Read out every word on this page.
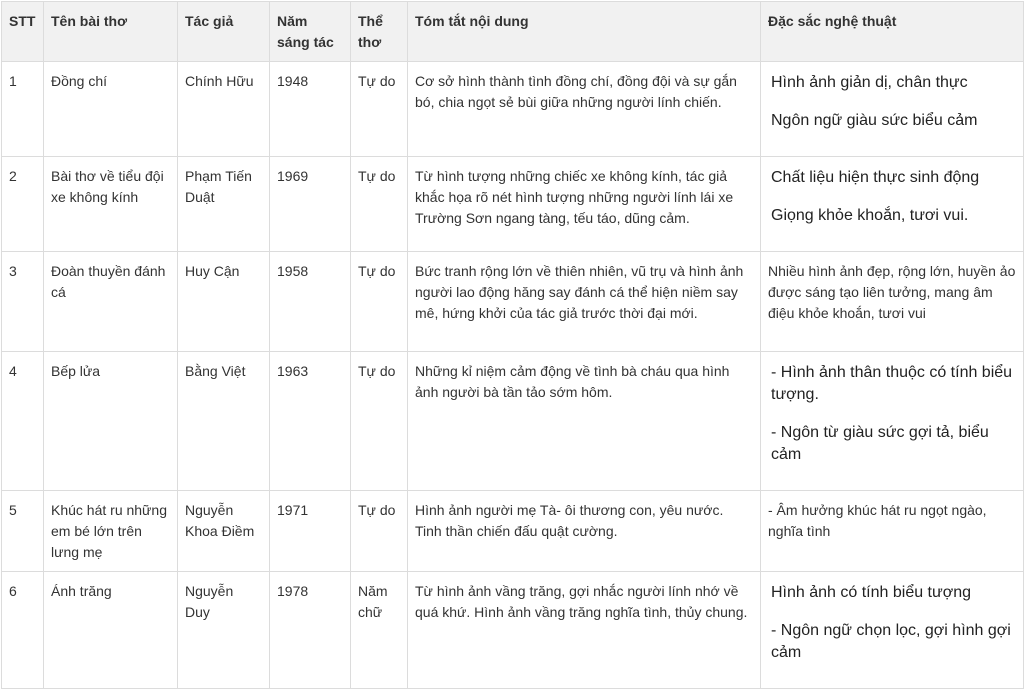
STT	Tên bài thơ	Tác giả	Năm sáng tác	Thể thơ	Tóm tắt nội dung	Đặc sắc nghệ thuật
1	Đồng chí	Chính Hữu	1948	Tự do	Cơ sở hình thành tình đồng chí, đồng đội và sự gắn bó, chia ngọt sẻ bùi giữa những người lính chiến.	Hình ảnh giản dị, chân thực

Ngôn ngữ giàu sức biểu cảm

2	Bài thơ về tiểu đội xe không kính	Phạm Tiến Duật	1969	Tự do	Từ hình tượng những chiếc xe không kính, tác giả khắc họa rõ nét hình tượng những người lính lái xe Trường Sơn ngang tàng, tếu táo, dũng cảm.	Chất liệu hiện thực sinh động

Giọng khỏe khoắn, tươi vui.

3	Đoàn thuyền đánh cá	Huy Cận	1958	Tự do	Bức tranh rộng lớn về thiên nhiên, vũ trụ và hình ảnh người lao động hăng say đánh cá thể hiện niềm say mê, hứng khởi của tác giả trước thời đại mới.	Nhiều hình ảnh đẹp, rộng lớn, huyền ảo được sáng tạo liên tưởng, mang âm điệu khỏe khoắn, tươi vui

4	Bếp lửa	Bằng Việt	1963	Tự do	Những kỉ niệm cảm động về tình bà cháu qua hình ảnh người bà tần tảo sớm hôm.	- Hình ảnh thân thuộc có tính biểu tượng.

- Ngôn từ giàu sức gợi tả, biểu cảm

5	Khúc hát ru những em bé lớn trên lưng mẹ	Nguyễn Khoa Điềm	1971	Tự do	Hình ảnh người mẹ Tà- ôi thương con, yêu nước. Tinh thần chiến đấu quật cường.	- Âm hưởng khúc hát ru ngọt ngào, nghĩa tình

6	Ánh trăng	Nguyễn Duy	1978	Năm chữ	Từ hình ảnh vầng trăng, gợi nhắc người lính nhớ về quá khứ. Hình ảnh vầng trăng nghĩa tình, thủy chung.	Hình ảnh có tính biểu tượng

- Ngôn ngữ chọn lọc, gợi hình gợi cảm
